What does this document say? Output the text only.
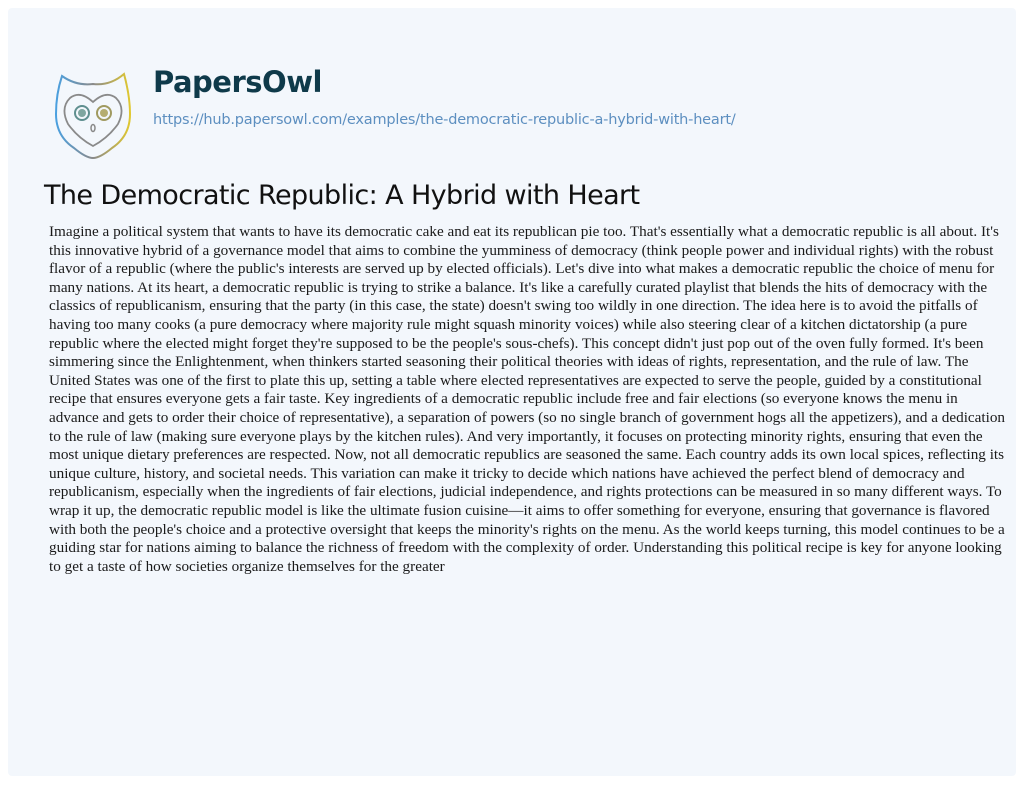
PapersOwl
https://hub.papersowl.com/examples/the-democratic-republic-a-hybrid-with-heart/
The Democratic Republic: A Hybrid with Heart

Imagine a political system that wants to have its democratic cake and eat its republican pie too. That's essentially what a democratic republic is all about. It's this innovative hybrid of a governance model that aims to combine the yumminess of democracy (think people power and individual rights) with the robust flavor of a republic (where the public's interests are served up by elected officials). Let's dive into what makes a democratic republic the choice of menu for many nations. At its heart, a democratic republic is trying to strike a balance. It's like a carefully curated playlist that blends the hits of democracy with the classics of republicanism, ensuring that the party (in this case, the state) doesn't swing too wildly in one direction. The idea here is to avoid the pitfalls of having too many cooks (a pure democracy where majority rule might squash minority voices) while also steering clear of a kitchen dictatorship (a pure republic where the elected might forget they're supposed to be the people's sous-chefs). This concept didn't just pop out of the oven fully formed. It's been simmering since the Enlightenment, when thinkers started seasoning their political theories with ideas of rights, representation, and the rule of law. The United States was one of the first to plate this up, setting a table where elected representatives are expected to serve the people, guided by a constitutional recipe that ensures everyone gets a fair taste. Key ingredients of a democratic republic include free and fair elections (so everyone knows the menu in advance and gets to order their choice of representative), a separation of powers (so no single branch of government hogs all the appetizers), and a dedication to the rule of law (making sure everyone plays by the kitchen rules). And very importantly, it focuses on protecting minority rights, ensuring that even the most unique dietary preferences are respected. Now, not all democratic republics are seasoned the same. Each country adds its own local spices, reflecting its unique culture, history, and societal needs. This variation can make it tricky to decide which nations have achieved the perfect blend of democracy and republicanism, especially when the ingredients of fair elections, judicial independence, and rights protections can be measured in so many different ways. To wrap it up, the democratic republic model is like the ultimate fusion cuisine—it aims to offer something for everyone, ensuring that governance is flavored with both the people's choice and a protective oversight that keeps the minority's rights on the menu. As the world keeps turning, this model continues to be a guiding star for nations aiming to balance the richness of freedom with the complexity of order. Understanding this political recipe is key for anyone looking to get a taste of how societies organize themselves for the greater
